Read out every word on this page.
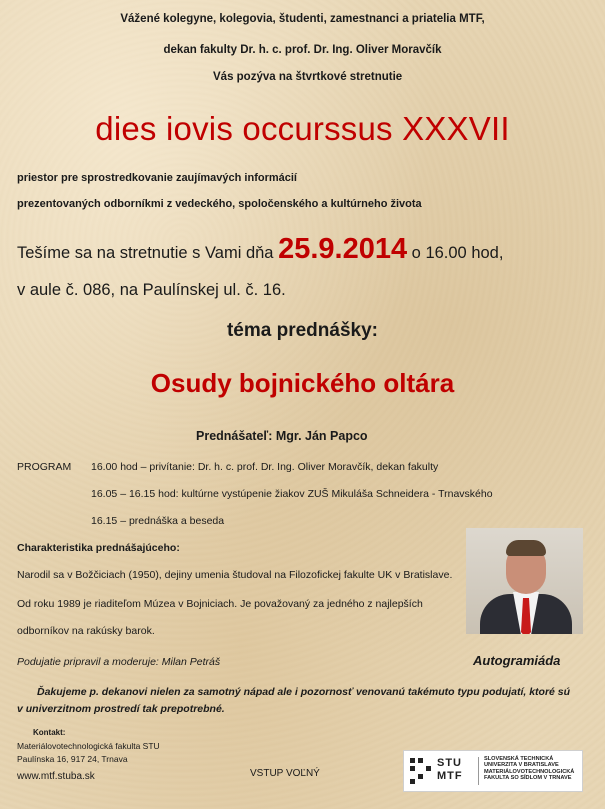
Vážené kolegyne, kolegovia, študenti, zamestnanci a priatelia MTF,
dekan fakulty Dr. h. c. prof. Dr. Ing. Oliver Moravčík
Vás pozýva na štvrtkové stretnutie
dies iovis occurssus XXXVII
priestor pre sprostredkovanie zaujímavých informácií
prezentovaných odborníkmi z vedeckého, spoločenského a kultúrneho života
Tešíme sa na stretnutie s Vami dňa 25.9.2014 o 16.00 hod,
v aule č. 086, na Paulínskej ul. č. 16.
téma prednášky:
Osudy bojnického oltára
Prednášateľ: Mgr. Ján Papco
PROGRAM 16.00 hod – privítanie: Dr. h. c. prof. Dr. Ing. Oliver Moravčík, dekan fakulty
16.05 – 16.15 hod: kultúrne vystúpenie žiakov ZUŠ Mikuláša Schneidera - Trnavského
16.15 – prednáška a beseda
Charakteristika prednášajúceho:
Narodil sa v Božčiciach (1950), dejiny umenia študoval na Filozofickej fakulte UK v Bratislave.
Od roku 1989 je riaditeľom Múzea v Bojniciach. Je považovaný za jedného z najlepších
odborníkov na rakúsky barok.
Podujatie pripravil a moderuje: Milan Petráš	Autogramiáda
Ďakujeme p. dekanovi nielen za samotný nápad ale i pozornosť venovanú takémuto typu podujatí, ktoré sú
v univerzitnom prostredí tak prepotrebné.
Kontakt:
Materiálovotechnologická fakulta STU
Paulínska 16, 917 24, Trnava
www.mtf.stuba.sk	VSTUP VOĽNÝ
STU
MTF
SLOVENSKÁ TECHNICKÁ UNIVERZITA V BRATISLAVE MATERIÁLOVOTECHNOLOGICKÁ FAKULTA SO SÍDLOM V TRNAVE
